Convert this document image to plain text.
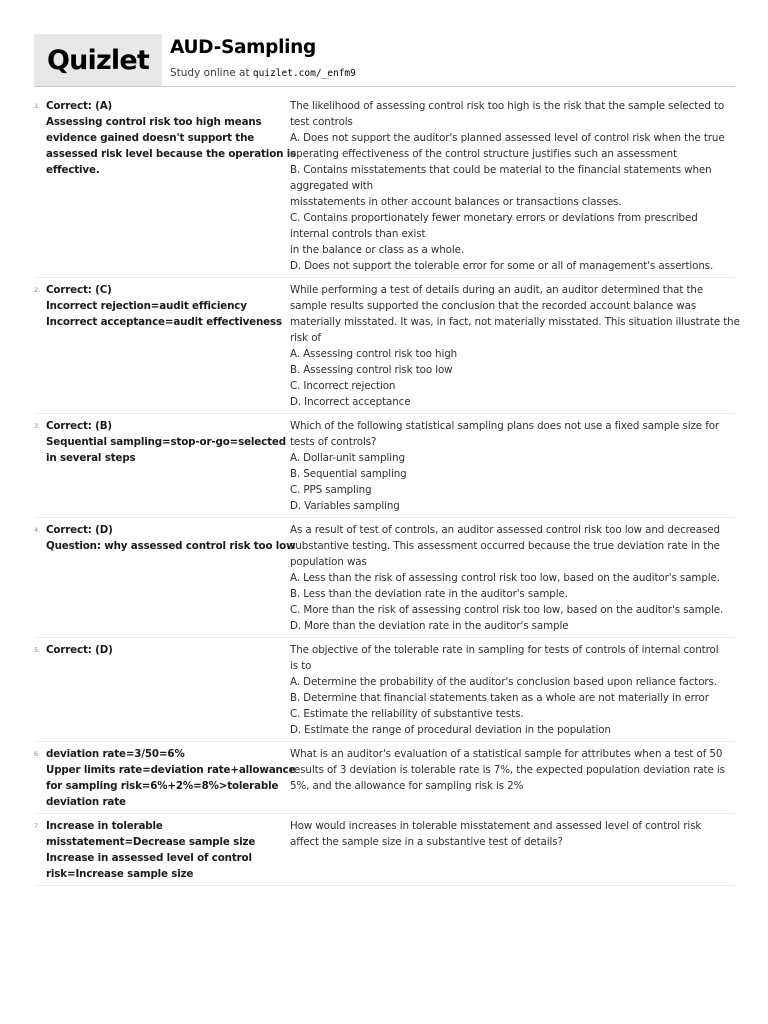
Quizlet AUD-Sampling
Study online at quizlet.com/_enfm9
1. Correct: (A)
Assessing control risk too high means
evidence gained doesn't support the
assessed risk level because the operation is
effective.
The likelihood of assessing control risk too high is the risk that the sample selected to
test controls
A. Does not support the auditor's planned assessed level of control risk when the true
operating effectiveness of the control structure justifies such an assessment
B. Contains misstatements that could be material to the financial statements when
aggregated with
misstatements in other account balances or transactions classes.
C. Contains proportionately fewer monetary errors or deviations from prescribed
internal controls than exist
in the balance or class as a whole.
D. Does not support the tolerable error for some or all of management's assertions.
2. Correct: (C)
Incorrect rejection=audit efficiency
Incorrect acceptance=audit effectiveness
While performing a test of details during an audit, an auditor determined that the
sample results supported the conclusion that the recorded account balance was
materially misstated. It was, in fact, not materially misstated. This situation illustrate the
risk of
A. Assessing control risk too high
B. Assessing control risk too low
C. Incorrect rejection
D. Incorrect acceptance
3. Correct: (B)
Sequential sampling=stop-or-go=selected
in several steps
Which of the following statistical sampling plans does not use a fixed sample size for
tests of controls?
A. Dollar-unit sampling
B. Sequential sampling
C. PPS sampling
D. Variables sampling
4. Correct: (D)
Question: why assessed control risk too low
As a result of test of controls, an auditor assessed control risk too low and decreased
substantive testing. This assessment occurred because the true deviation rate in the
population was
A. Less than the risk of assessing control risk too low, based on the auditor's sample.
B. Less than the deviation rate in the auditor's sample.
C. More than the risk of assessing control risk too low, based on the auditor's sample.
D. More than the deviation rate in the auditor's sample
5. Correct: (D)	The objective of the tolerable rate in sampling for tests of controls of internal control
is to
A. Determine the probability of the auditor's conclusion based upon reliance factors.
B. Determine that financial statements taken as a whole are not materially in error
C. Estimate the reliability of substantive tests.
D. Estimate the range of procedural deviation in the population
6. deviation rate=3/50=6%
Upper limits rate=deviation rate+allowance
for sampling risk=6%+2%=8%>tolerable
deviation rate
What is an auditor's evaluation of a statistical sample for attributes when a test of 50
results of 3 deviation is tolerable rate is 7%, the expected population deviation rate is
5%, and the allowance for sampling risk is 2%
7. Increase in tolerable
misstatement=Decrease sample size
Increase in assessed level of control
risk=Increase sample size
How would increases in tolerable misstatement and assessed level of control risk
affect the sample size in a substantive test of details?
